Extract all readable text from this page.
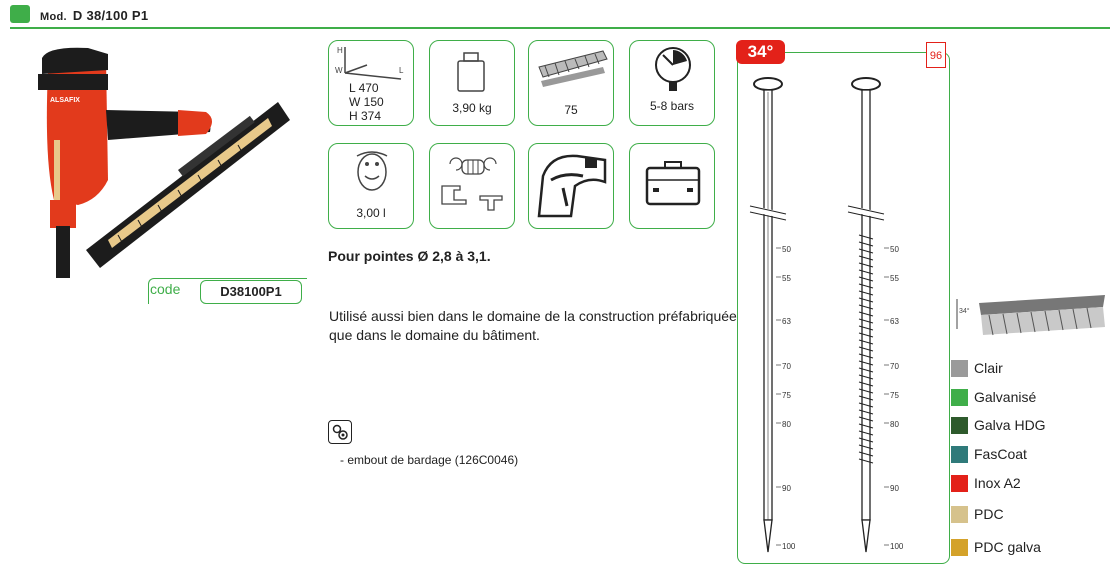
Mod. D 38/100 P1
ALSAFIX
code	D38100P1
H
L
W
L 470
W 150
H 374
3,90 kg	75	5-8 bars
3,00 l
Pour pointes Ø 2,8 à 3,1.
Utilisé aussi bien dans le domaine de la construction préfabriquée que dans le domaine du bâtiment.
- embout de bardage (126C0046)
34°	96
50
55
63
70
75
80
90
100
50
55
63
70
75
80
90
100
34°
Clair
Galvanisé
Galva HDG
FasCoat
Inox A2
PDC
PDC galva
